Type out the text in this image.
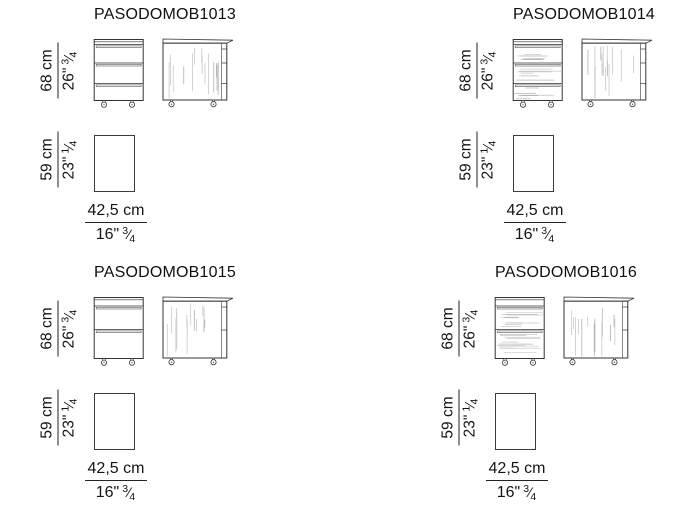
PASODOMOB1013
68 cm $26"^3⁄_4$
59 cm $23"^1⁄_4$
$\frac{42,5 cm}{16" ^3⁄_4}$
PASODOMOB1014
68 cm $26"^3⁄_4$
59 cm $23"^1⁄_4$
$\frac{42,5 cm}{16" ^3⁄_4}$
PASODOMOB1015
68 cm $26"^3⁄_4$
59 cm $23"^1⁄_4$
$\frac{42,5 cm}{16" ^3⁄_4}$
PASODOMOB1016
68 cm $26"^3⁄_4$
59 cm $23"^1⁄_4$
$\frac{42,5 cm}{16" ^3⁄_4}$
